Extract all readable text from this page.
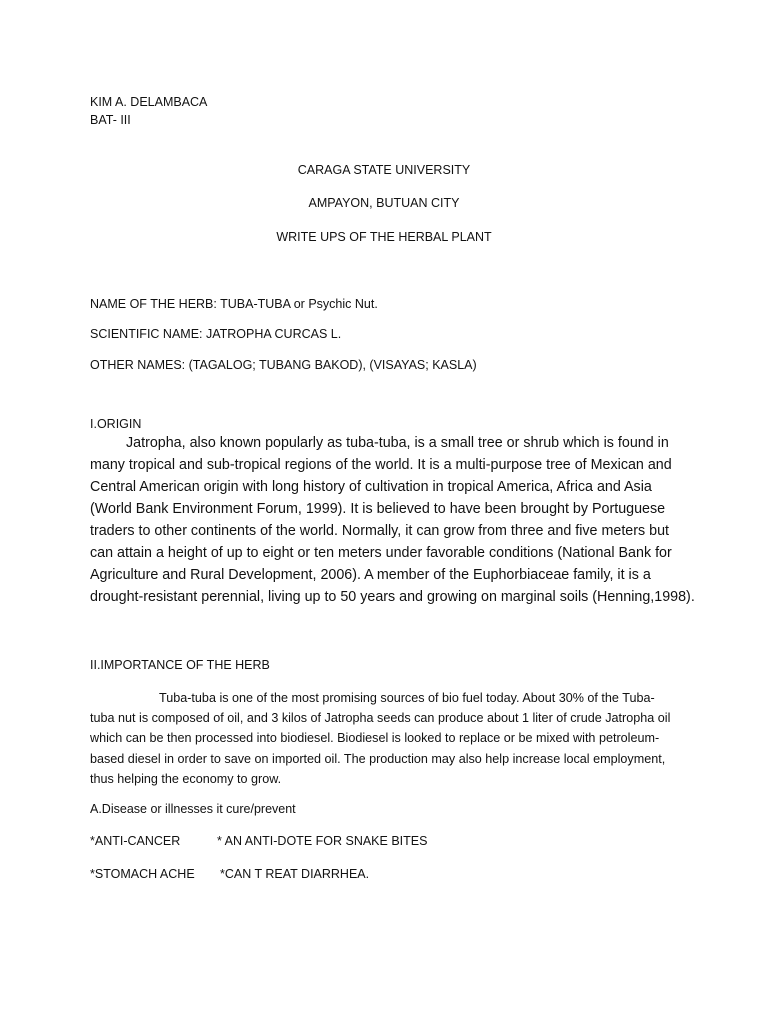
KIM A. DELAMBACA
BAT- III
CARAGA STATE UNIVERSITY
AMPAYON, BUTUAN CITY
WRITE UPS OF THE HERBAL PLANT
NAME OF THE HERB: TUBA-TUBA or Psychic Nut.
SCIENTIFIC NAME: JATROPHA CURCAS L.
OTHER NAMES: (TAGALOG; TUBANG BAKOD), (VISAYAS; KASLA)
I.ORIGIN
Jatropha, also known popularly as tuba-tuba, is a small tree or shrub which is found in
many tropical and sub-tropical regions of the world. It is a multi-purpose tree of Mexican and
Central American origin with long history of cultivation in tropical America, Africa and Asia
(World Bank Environment Forum, 1999). It is believed to have been brought by Portuguese
traders to other continents of the world. Normally, it can grow from three and five meters but
can attain a height of up to eight or ten meters under favorable conditions (National Bank for
Agriculture and Rural Development, 2006). A member of the Euphorbiaceae family, it is a
drought-resistant perennial, living up to 50 years and growing on marginal soils (Henning,1998).
II.IMPORTANCE OF THE HERB
Tuba-tuba is one of the most promising sources of bio fuel today. About 30% of the Tuba-
tuba nut is composed of oil, and 3 kilos of Jatropha seeds can produce about 1 liter of crude Jatropha oil
which can be then processed into biodiesel. Biodiesel is looked to replace or be mixed with petroleum-
based diesel in order to save on imported oil. The production may also help increase local employment,
thus helping the economy to grow.
A.Disease or illnesses it cure/prevent
*ANTI-CANCER	* AN ANTI-DOTE FOR SNAKE BITES
*STOMACH ACHE *CAN T REAT DIARRHEA.
